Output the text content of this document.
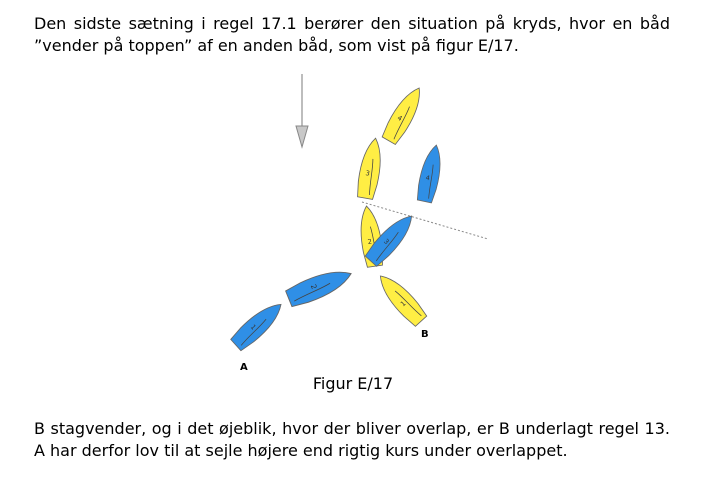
Den sidste sætning i regel 17.1 berører den situation på kryds, hvor en båd ”vender på toppen” af en anden båd, som vist på figur E/17.

1
2
3
4
1
2
3
4
A
B
Figur E/17

B stagvender, og i det øjeblik, hvor der bliver overlap, er B underlagt regel 13. A har derfor lov til at sejle højere end rigtig kurs under overlappet.
